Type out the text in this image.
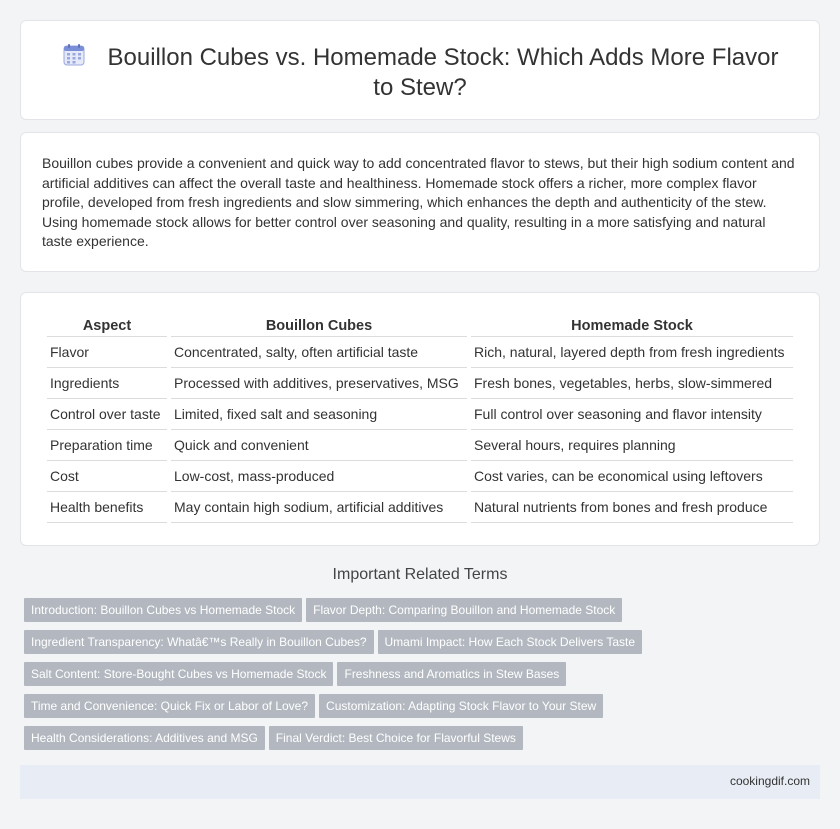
Bouillon Cubes vs. Homemade Stock: Which Adds More Flavor to Stew?

Bouillon cubes provide a convenient and quick way to add concentrated flavor to stews, but their high sodium content and artificial additives can affect the overall taste and healthiness. Homemade stock offers a richer, more complex flavor profile, developed from fresh ingredients and slow simmering, which enhances the depth and authenticity of the stew. Using homemade stock allows for better control over seasoning and quality, resulting in a more satisfying and natural taste experience.

Aspect	Bouillon Cubes	Homemade Stock
Flavor	Concentrated, salty, often artificial taste	Rich, natural, layered depth from fresh ingredients
Ingredients	Processed with additives, preservatives, MSG	Fresh bones, vegetables, herbs, slow-simmered
Control over taste	Limited, fixed salt and seasoning	Full control over seasoning and flavor intensity
Preparation time	Quick and convenient	Several hours, requires planning
Cost	Low-cost, mass-produced	Cost varies, can be economical using leftovers
Health benefits	May contain high sodium, artificial additives	Natural nutrients from bones and fresh produce
Important Related Terms
Introduction: Bouillon Cubes vs Homemade Stock Flavor Depth: Comparing Bouillon and Homemade Stock
Ingredient Transparency: Whatâ€™s Really in Bouillon Cubes? Umami Impact: How Each Stock Delivers Taste
Salt Content: Store-Bought Cubes vs Homemade Stock Freshness and Aromatics in Stew Bases
Time and Convenience: Quick Fix or Labor of Love? Customization: Adapting Stock Flavor to Your Stew
Health Considerations: Additives and MSG Final Verdict: Best Choice for Flavorful Stews
cookingdif.com
